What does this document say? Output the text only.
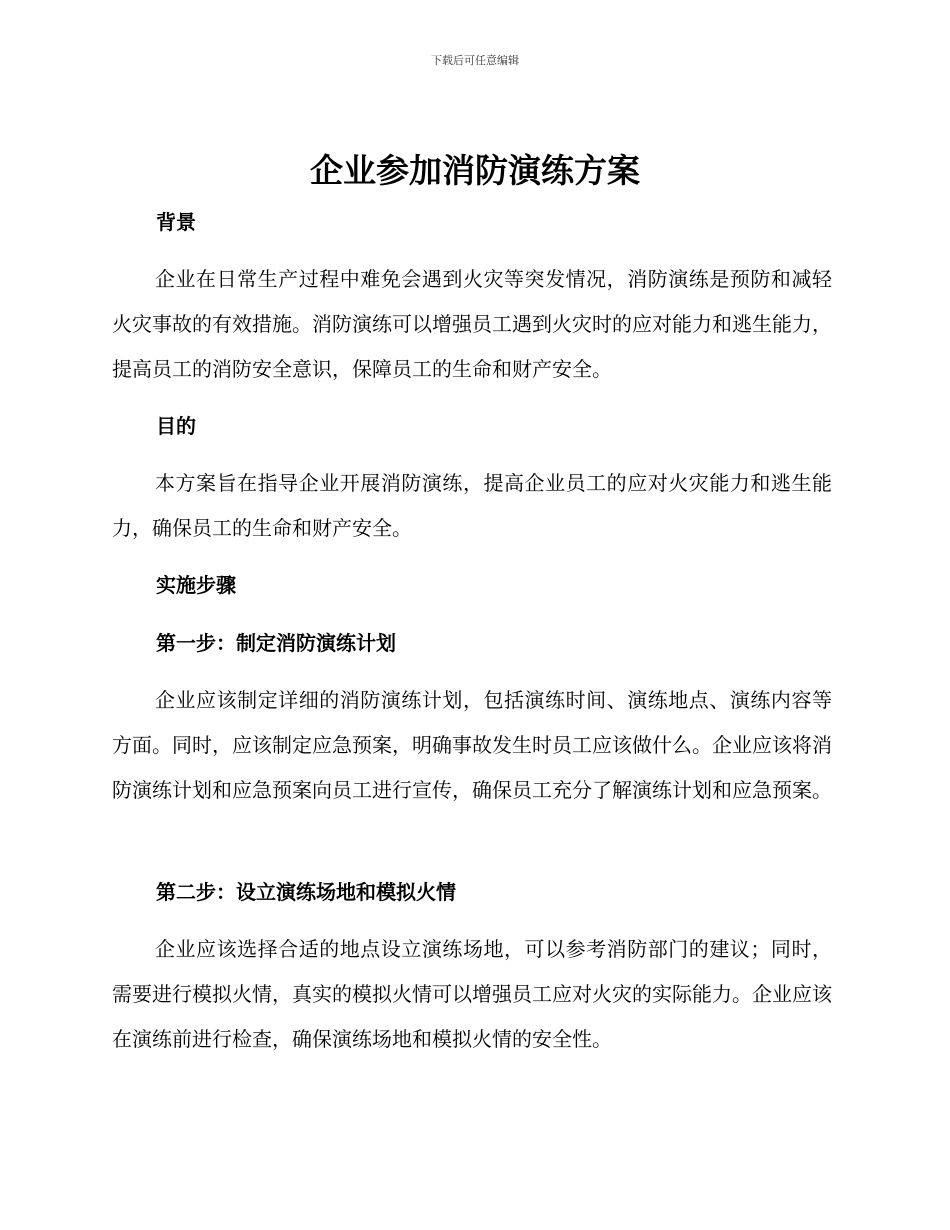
下载后可任意编辑
企业参加消防演练方案
背景

企业在日常生产过程中难免会遇到火灾等突发情况，消防演练是预防和减轻火灾事故的有效措施。消防演练可以增强员工遇到火灾时的应对能力和逃生能力，提高员工的消防安全意识，保障员工的生命和财产安全。

目的

本方案旨在指导企业开展消防演练，提高企业员工的应对火灾能力和逃生能力，确保员工的生命和财产安全。

实施步骤
第一步：制定消防演练计划

企业应该制定详细的消防演练计划，包括演练时间、演练地点、演练内容等方面。同时，应该制定应急预案，明确事故发生时员工应该做什么。企业应该将消防演练计划和应急预案向员工进行宣传，确保员工充分了解演练计划和应急预案。

第二步：设立演练场地和模拟火情

企业应该选择合适的地点设立演练场地，可以参考消防部门的建议；同时，需要进行模拟火情，真实的模拟火情可以增强员工应对火灾的实际能力。企业应该在演练前进行检查，确保演练场地和模拟火情的安全性。
